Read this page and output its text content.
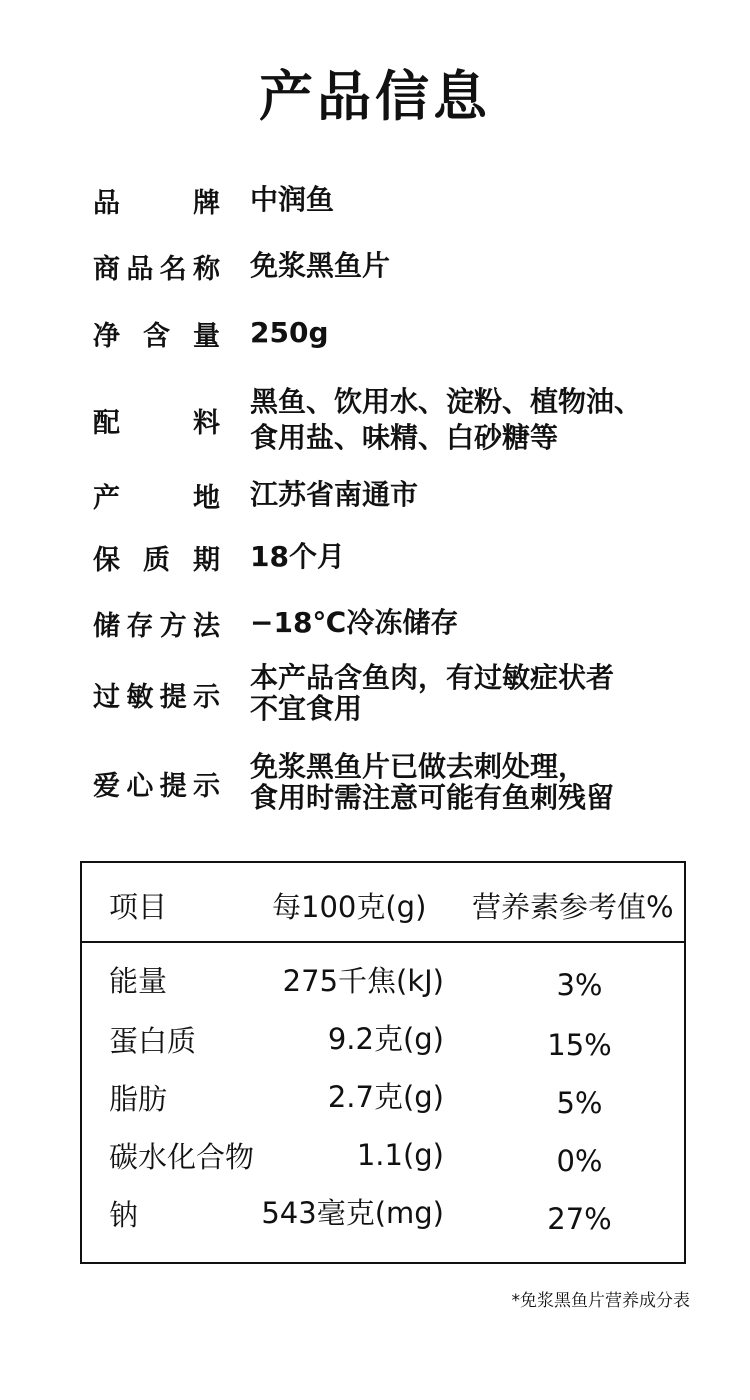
产品信息
品	牌 中润鱼
商 品 名 称 免浆黑鱼片
净 含 量 250g
配	料
黑鱼、饮用水、淀粉、植物油、
食用盐、味精、白砂糖等
产	地 江苏省南通市
保 质 期 18个月
储 存 方 法 −18℃冷冻储存
过 敏 提 示
本产品含鱼肉，有过敏症状者
不宜食用
爱 心 提 示
免浆黑鱼片已做去刺处理，
食用时需注意可能有鱼刺残留
项目	每100克(g) 营养素参考值%
能量	275千焦(kJ)	3%
蛋白质	9.2克(g)	15%
脂肪	2.7克(g)	5%
碳水化合物	1.1(g)	0%
钠	543毫克(mg)	27%
*免浆黑鱼片营养成分表
